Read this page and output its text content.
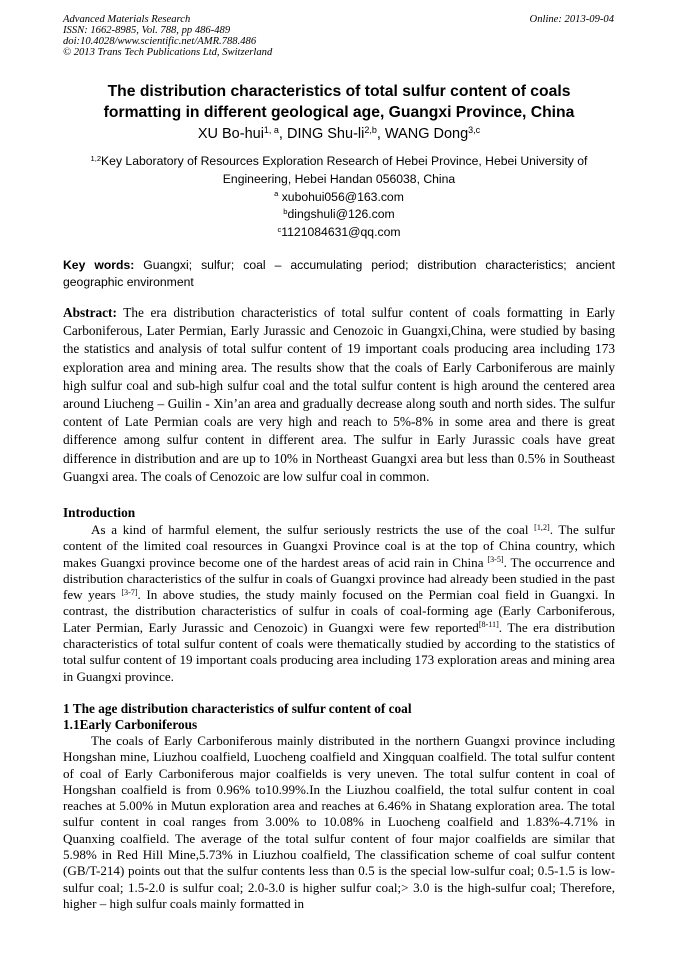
Advanced Materials Research
ISSN: 1662-8985, Vol. 788, pp 486-489
doi:10.4028/www.scientific.net/AMR.788.486
© 2013 Trans Tech Publications Ltd, Switzerland
Online: 2013-09-04
The distribution characteristics of total sulfur content of coals
formatting in different geological age, Guangxi Province, China
XU Bo-hui$^{1, a}$, DING Shu-li$^{2,b}$, WANG Dong$^{3,c}$
$^{1,2}$Key Laboratory of Resources Exploration Research of Hebei Province, Hebei University of
Engineering, Hebei Handan 056038, China
$^a$ xubohui056@163.com
$^b$dingshuli@126.com
$^c$1121084631@qq.com
Key words: Guangxi; sulfur; coal – accumulating period; distribution characteristics; ancient geographic environment
Abstract: The era distribution characteristics of total sulfur content of coals formatting in Early Carboniferous, Later Permian, Early Jurassic and Cenozoic in Guangxi,China, were studied by basing the statistics and analysis of total sulfur content of 19 important coals producing area including 173 exploration area and mining area. The results show that the coals of Early Carboniferous are mainly high sulfur coal and sub-high sulfur coal and the total sulfur content is high around the centered area around Liucheng – Guilin - Xin’an area and gradually decrease along south and north sides. The sulfur content of Late Permian coals are very high and reach to 5%-8% in some area and there is great difference among sulfur content in different area. The sulfur in Early Jurassic coals have great difference in distribution and are up to 10% in Northeast Guangxi area but less than 0.5% in Southeast Guangxi area. The coals of Cenozoic are low sulfur coal in common.
Introduction
As a kind of harmful element, the sulfur seriously restricts the use of the coal [1,2]. The sulfur content of the limited coal resources in Guangxi Province coal is at the top of China country, which makes Guangxi province become one of the hardest areas of acid rain in China [3-5]. The occurrence and distribution characteristics of the sulfur in coals of Guangxi province had already been studied in the past few years [3-7]. In above studies, the study mainly focused on the Permian coal field in Guangxi. In contrast, the distribution characteristics of sulfur in coals of coal-forming age (Early Carboniferous, Later Permian, Early Jurassic and Cenozoic) in Guangxi were few reported[8-11]. The era distribution characteristics of total sulfur content of coals were thematically studied by according to the statistics of total sulfur content of 19 important coals producing area including 173 exploration areas and mining area in Guangxi province.
1 The age distribution characteristics of sulfur content of coal
1.1Early Carboniferous
The coals of Early Carboniferous mainly distributed in the northern Guangxi province including Hongshan mine, Liuzhou coalfield, Luocheng coalfield and Xingquan coalfield. The total sulfur content of coal of Early Carboniferous major coalfields is very uneven. The total sulfur content in coal of Hongshan coalfield is from 0.96% to10.99%.In the Liuzhou coalfield, the total sulfur content in coal reaches at 5.00% in Mutun exploration area and reaches at 6.46% in Shatang exploration area. The total sulfur content in coal ranges from 3.00% to 10.08% in Luocheng coalfield and 1.83%-4.71% in Quanxing coalfield. The average of the total sulfur content of four major coalfields are similar that 5.98% in Red Hill Mine,5.73% in Liuzhou coalfield, The classification scheme of coal sulfur content (GB/T-214) points out that the sulfur contents less than 0.5 is the special low-sulfur coal; 0.5-1.5 is low-sulfur coal; 1.5-2.0 is sulfur coal; 2.0-3.0 is higher sulfur coal;> 3.0 is the high-sulfur coal; Therefore, higher – high sulfur coals mainly formatted in
